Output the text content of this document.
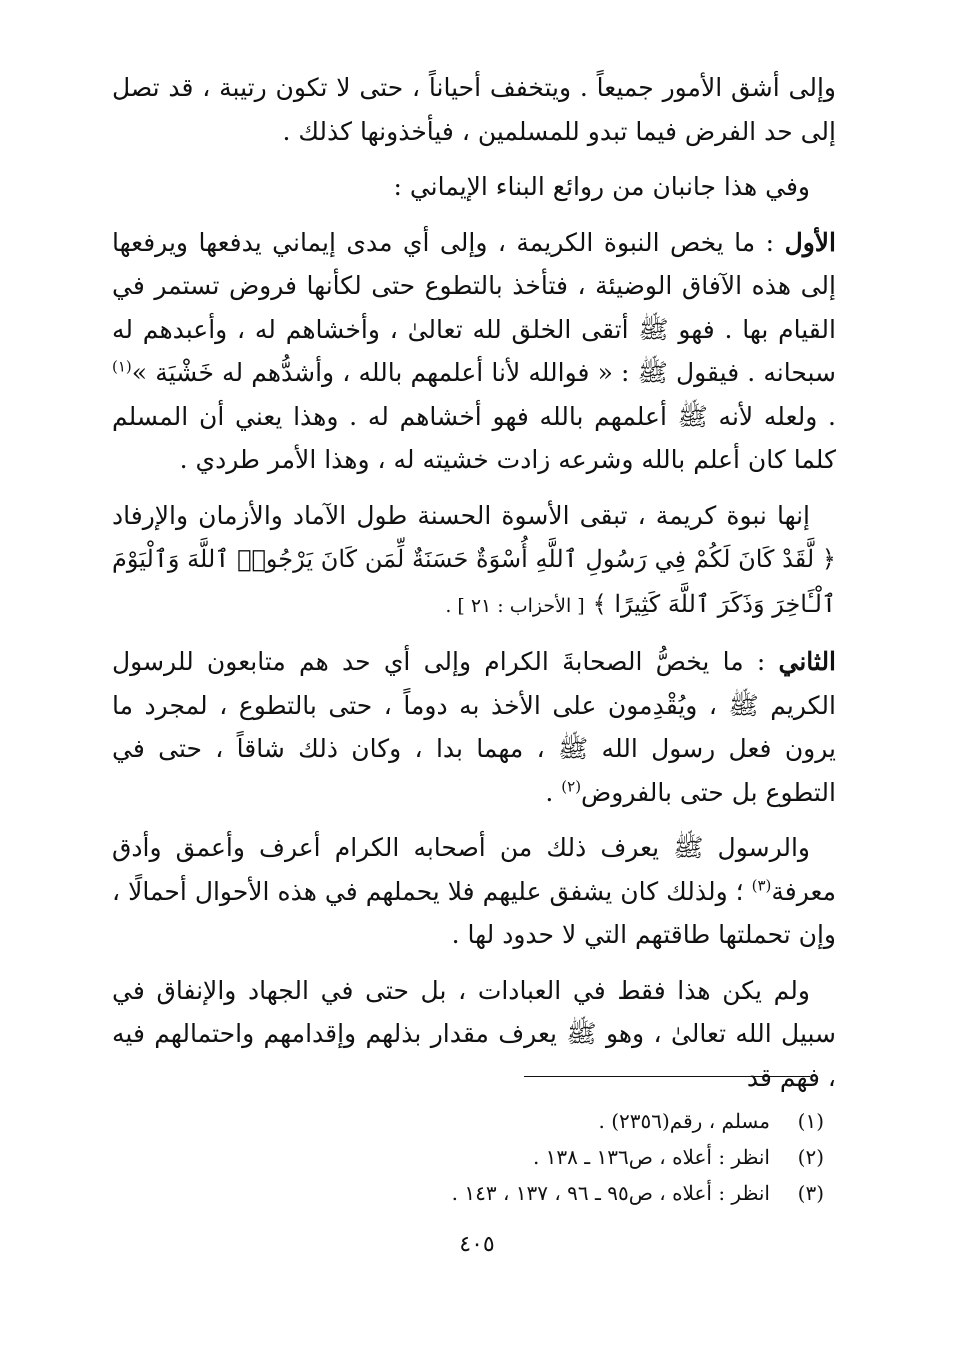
وإلى أشق الأمور جميعاً . ويتخفف أحياناً ، حتى لا تكون رتيبة ، قد تصل إلى حد الفرض فيما تبدو للمسلمين ، فيأخذونها كذلك .

وفي هذا جانبان من روائع البناء الإيماني :

الأول : ما يخص النبوة الكريمة ، وإلى أي مدى إيماني يدفعها ويرفعها إلى هذه الآفاق الوضيئة ، فتأخذ بالتطوع حتى لكأنها فروض تستمر في القيام بها . فهو ﷺ أتقى الخلق لله تعالىٰ ، وأخشاهم له ، وأعبدهم له سبحانه . فيقول ﷺ : « فوالله لأنا أعلمهم بالله ، وأشدُّهم له خَشْيَة »$^{(١)}$ . ولعله لأنه ﷺ أعلمهم بالله فهو أخشاهم له . وهذا يعني أن المسلم كلما كان أعلم بالله وشرعه زادت خشيته له ، وهذا الأمر طردي .

إنها نبوة كريمة ، تبقى الأسوة الحسنة طول الآماد والأزمان والإرفاد ﴿ لَّقَدْ كَانَ لَكُمْ فِي رَسُولِ ٱللَّهِ أُسْوَةٌ حَسَنَةٌ لِّمَن كَانَ يَرْجُوا۟ ٱللَّهَ وَٱلْيَوْمَ ٱلْـَٔاخِرَ وَذَكَرَ ٱللَّهَ كَثِيرًا ﴾ [ الأحزاب : ٢١ ] .

الثاني : ما يخصُّ الصحابةَ الكرام وإلى أي حد هم متابعون للرسول الكريم ﷺ ، ويُقْدِمون على الأخذ به دوماً ، حتى بالتطوع ، لمجرد ما يرون فعل رسول الله ﷺ ، مهما بدا ، وكان ذلك شاقاً ، حتى في التطوع بل حتى بالفروض$^{(٢)}$ .

والرسول ﷺ يعرف ذلك من أصحابه الكرام أعرف وأعمق وأدق معرفة$^{(٣)}$ ؛ ولذلك كان يشفق عليهم فلا يحملهم في هذه الأحوال أحمالًا ، وإن تحملتها طاقتهم التي لا حدود لها .

ولم يكن هذا فقط في العبادات ، بل حتى في الجهاد والإنفاق في سبيل الله تعالىٰ ، وهو ﷺ يعرف مقدار بذلهم وإقدامهم واحتمالهم فيه ، فهم قد

(١)
مسلم ، رقم(٢٣٥٦) .
(٢)
انظر : أعلاه ، ص١٣٦ ـ ١٣٨ .
(٣)
انظر : أعلاه ، ص٩٥ ـ ٩٦ ، ١٣٧ ، ١٤٣ .
٤٠٥
